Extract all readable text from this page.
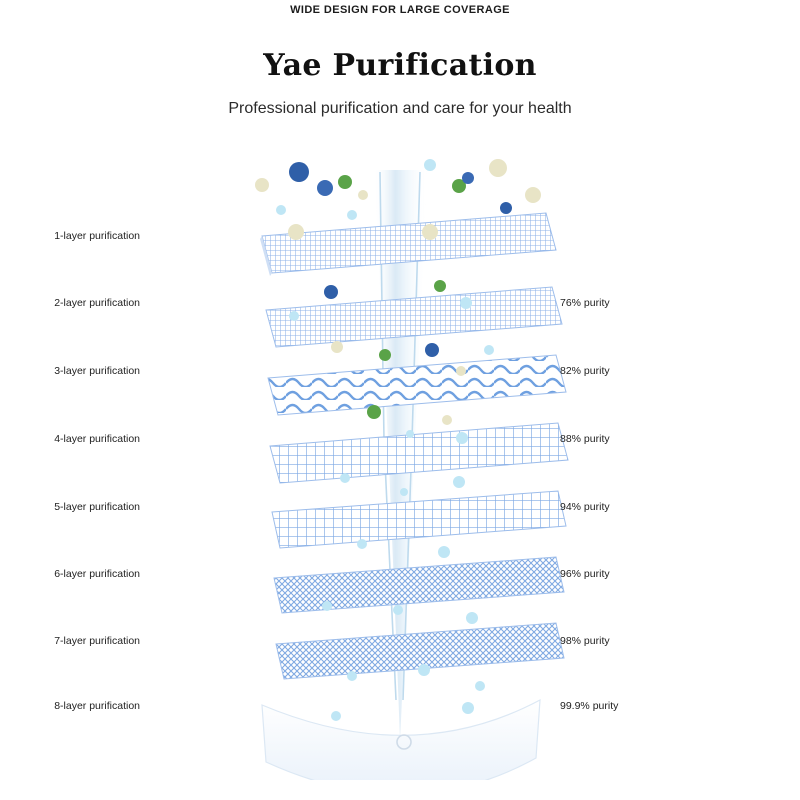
WIDE DESIGN FOR LARGE COVERAGE
Yae Purification
Professional purification and care for your health
1-layer purification
2-layer purification
3-layer purification
4-layer purification
5-layer purification
6-layer purification
7-layer purification
8-layer purification
76% purity
82% purity
88% purity
94% purity
96% purity
98% purity
99.9% purity
